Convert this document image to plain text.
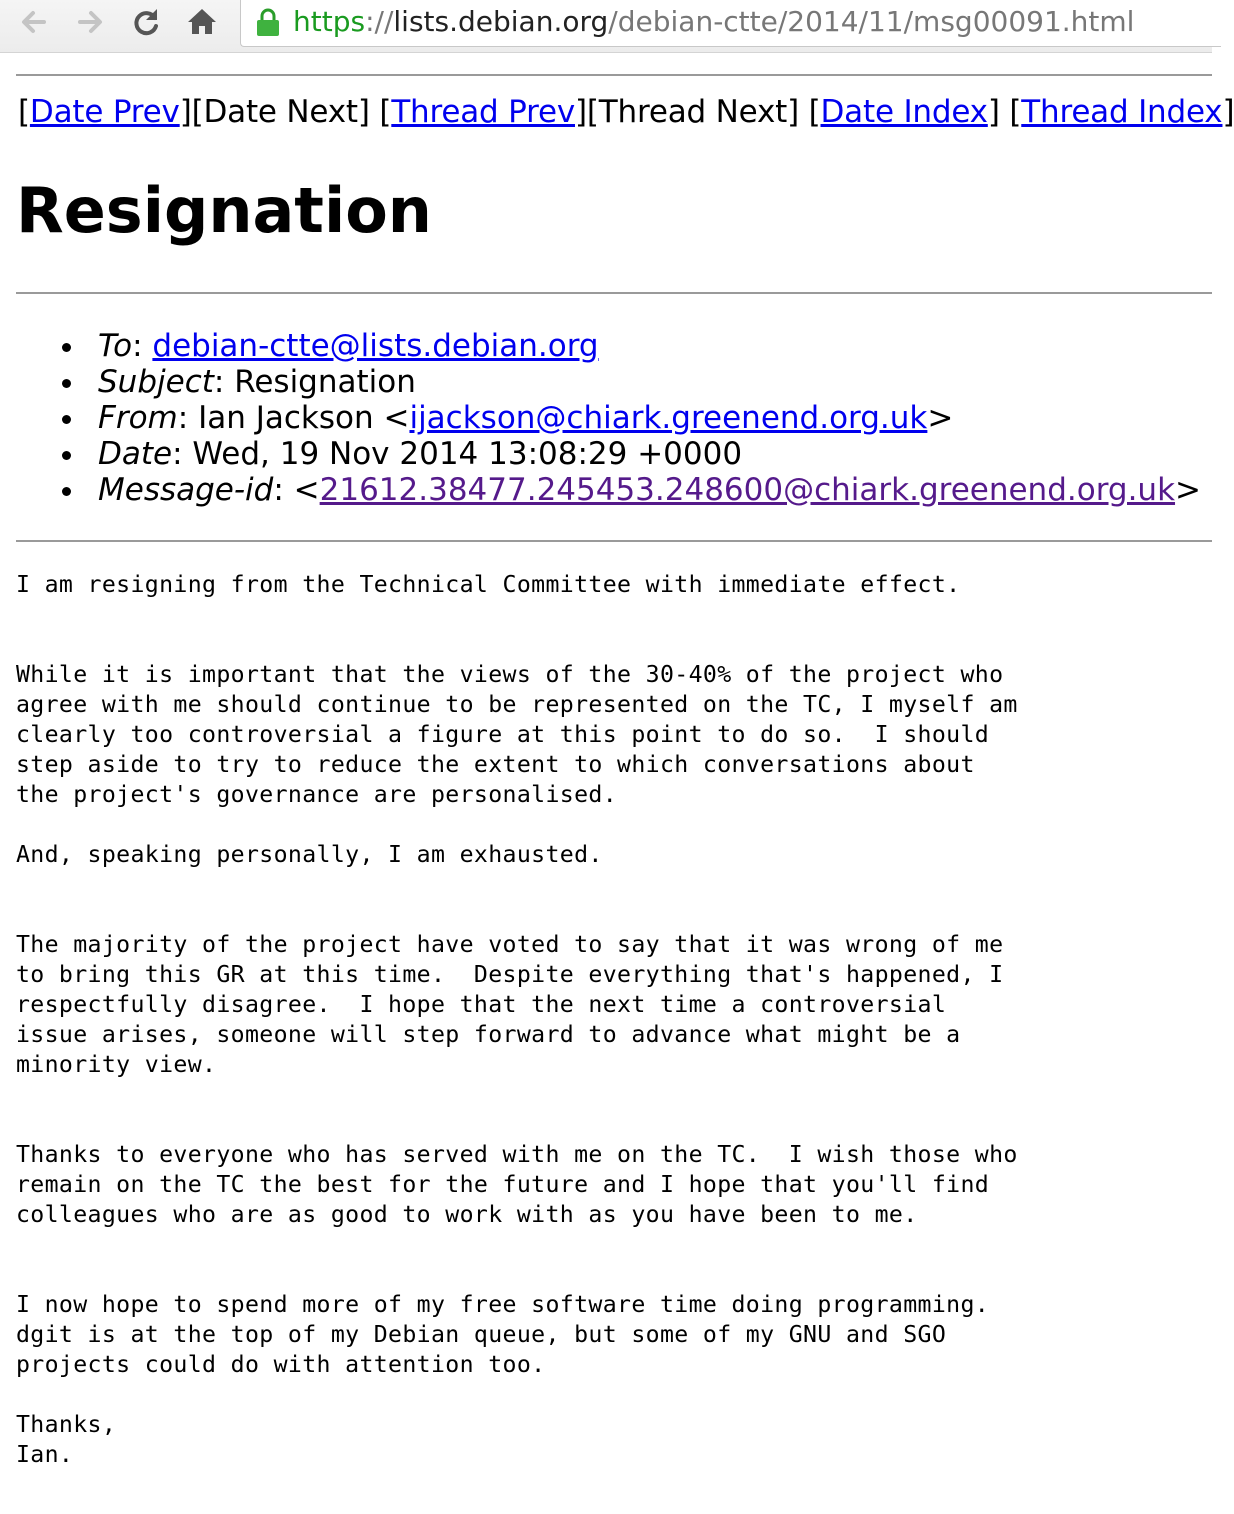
https://lists.debian.org/debian-ctte/2014/11/msg00091.html
[Date Prev][Date Next] [Thread Prev][Thread Next] [Date Index] [Thread Index]
Resignation
To: debian-ctte@lists.debian.org
Subject: Resignation
From: Ian Jackson <ijackson@chiark.greenend.org.uk>
Date: Wed, 19 Nov 2014 13:08:29 +0000
Message-id: <21612.38477.245453.248600@chiark.greenend.org.uk>
I am resigning from the Technical Committee with immediate effect.

While it is important that the views of the 30-40% of the project who
agree with me should continue to be represented on the TC, I myself am
clearly too controversial a figure at this point to do so.  I should
step aside to try to reduce the extent to which conversations about
the project's governance are personalised.

And, speaking personally, I am exhausted.

The majority of the project have voted to say that it was wrong of me
to bring this GR at this time.  Despite everything that's happened, I
respectfully disagree.  I hope that the next time a controversial
issue arises, someone will step forward to advance what might be a
minority view.

Thanks to everyone who has served with me on the TC.  I wish those who
remain on the TC the best for the future and I hope that you'll find
colleagues who are as good to work with as you have been to me.

I now hope to spend more of my free software time doing programming.
dgit is at the top of my Debian queue, but some of my GNU and SGO
projects could do with attention too.

Thanks,
Ian.
